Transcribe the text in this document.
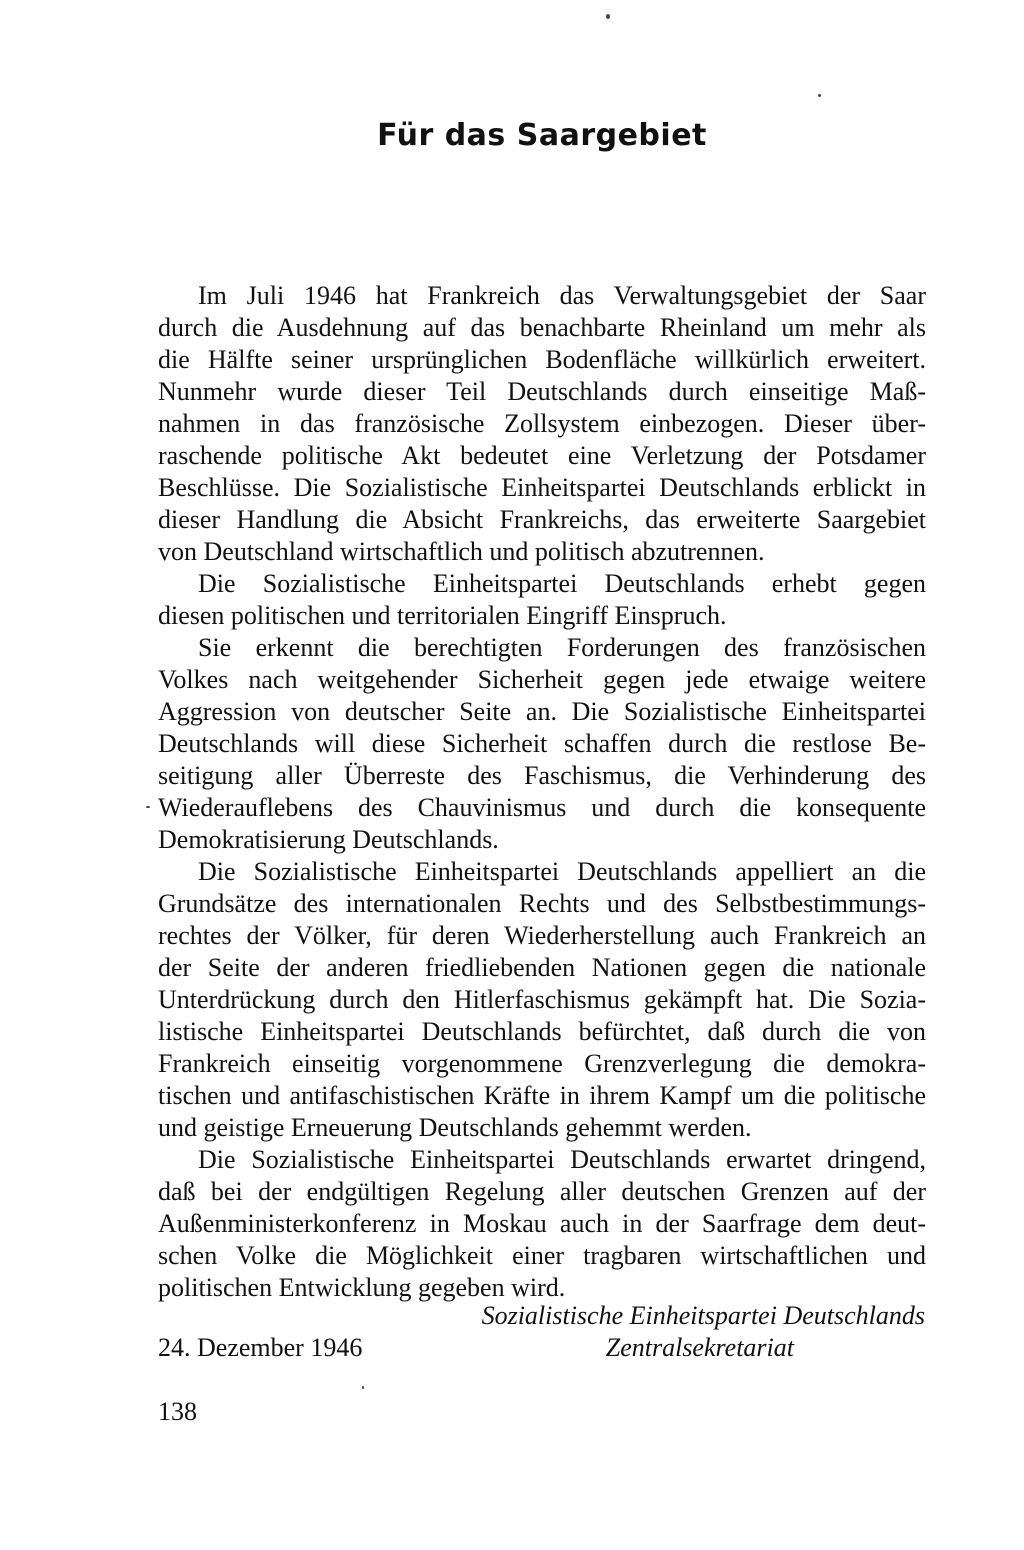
Für das Saargebiet
Im Juli 1946 hat Frankreich das Verwaltungsgebiet der Saar
durch die Ausdehnung auf das benachbarte Rheinland um mehr als
die Hälfte seiner ursprünglichen Bodenfläche willkürlich erweitert.
Nunmehr wurde dieser Teil Deutschlands durch einseitige Maß-
nahmen in das französische Zollsystem einbezogen. Dieser über-
raschende politische Akt bedeutet eine Verletzung der Potsdamer
Beschlüsse. Die Sozialistische Einheitspartei Deutschlands erblickt in
dieser Handlung die Absicht Frankreichs, das erweiterte Saargebiet
von Deutschland wirtschaftlich und politisch abzutrennen.
Die Sozialistische Einheitspartei Deutschlands erhebt gegen
diesen politischen und territorialen Eingriff Einspruch.
Sie erkennt die berechtigten Forderungen des französischen
Volkes nach weitgehender Sicherheit gegen jede etwaige weitere
Aggression von deutscher Seite an. Die Sozialistische Einheitspartei
Deutschlands will diese Sicherheit schaffen durch die restlose Be-
seitigung aller Überreste des Faschismus, die Verhinderung des
Wiederauflebens des Chauvinismus und durch die konsequente
Demokratisierung Deutschlands.
Die Sozialistische Einheitspartei Deutschlands appelliert an die
Grundsätze des internationalen Rechts und des Selbstbestimmungs-
rechtes der Völker, für deren Wiederherstellung auch Frankreich an
der Seite der anderen friedliebenden Nationen gegen die nationale
Unterdrückung durch den Hitlerfaschismus gekämpft hat. Die Sozia-
listische Einheitspartei Deutschlands befürchtet, daß durch die von
Frankreich einseitig vorgenommene Grenzverlegung die demokra-
tischen und antifaschistischen Kräfte in ihrem Kampf um die politische
und geistige Erneuerung Deutschlands gehemmt werden.
Die Sozialistische Einheitspartei Deutschlands erwartet dringend,
daß bei der endgültigen Regelung aller deutschen Grenzen auf der
Außenministerkonferenz in Moskau auch in der Saarfrage dem deut-
schen Volke die Möglichkeit einer tragbaren wirtschaftlichen und
politischen Entwicklung gegeben wird.
Sozialistische Einheitspartei Deutschlands
Zentralsekretariat
24. Dezember 1946
138
